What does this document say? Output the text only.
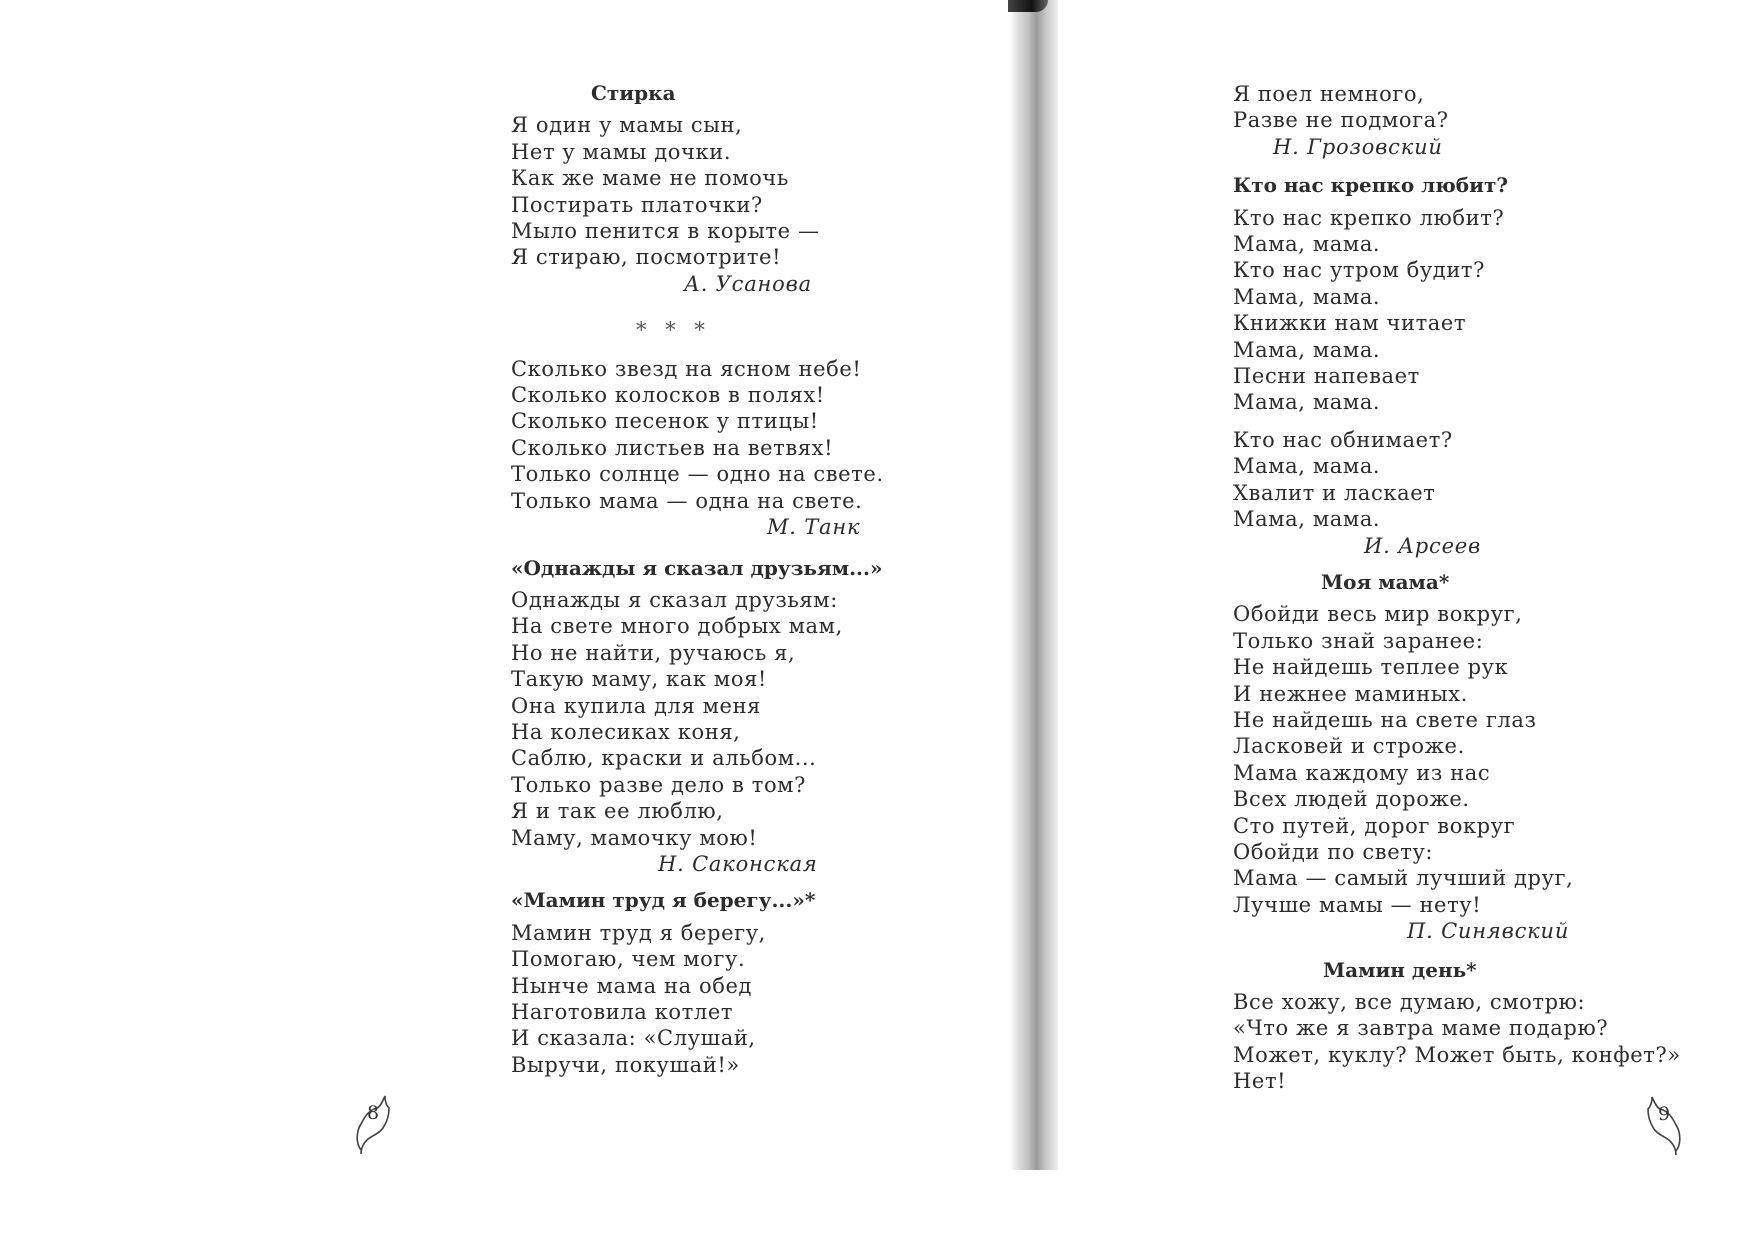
Стирка

Я один у мамы сын,

Нет у мамы дочки.

Как же маме не помочь

Постирать платочки?

Мыло пенится в корыте —

Я стираю, посмотрите!

А. Усанова

* * *

Сколько звезд на ясном небе!

Сколько колосков в полях!

Сколько песенок у птицы!

Сколько листьев на ветвях!

Только солнце — одно на свете.

Только мама — одна на свете.

М. Танк

«Однажды я сказал друзьям...»

Однажды я сказал друзьям:

На свете много добрых мам,

Но не найти, ручаюсь я,

Такую маму, как моя!

Она купила для меня

На колесиках коня,

Саблю, краски и альбом...

Только разве дело в том?

Я и так ее люблю,

Маму, мамочку мою!

Н. Саконская

«Мамин труд я берегу...»*

Мамин труд я берегу,

Помогаю, чем могу.

Нынче мама на обед

Наготовила котлет

И сказала: «Слушай,

Выручи, покушай!»

8

Я поел немного,

Разве не подмога?

Н. Грозовский

Кто нас крепко любит?

Кто нас крепко любит?

Мама, мама.

Кто нас утром будит?

Мама, мама.

Книжки нам читает

Мама, мама.

Песни напевает

Мама, мама.

Кто нас обнимает?

Мама, мама.

Хвалит и ласкает

Мама, мама.

И. Арсеев

Моя мама*

Обойди весь мир вокруг,

Только знай заранее:

Не найдешь теплее рук

И нежнее маминых.

Не найдешь на свете глаз

Ласковей и строже.

Мама каждому из нас

Всех людей дороже.

Сто путей, дорог вокруг

Обойди по свету:

Мама — самый лучший друг,

Лучше мамы — нету!

П. Синявский

Мамин день*

Все хожу, все думаю, смотрю:

«Что же я завтра маме подарю?

Может, куклу? Может быть, конфет?»

Нет!

9
